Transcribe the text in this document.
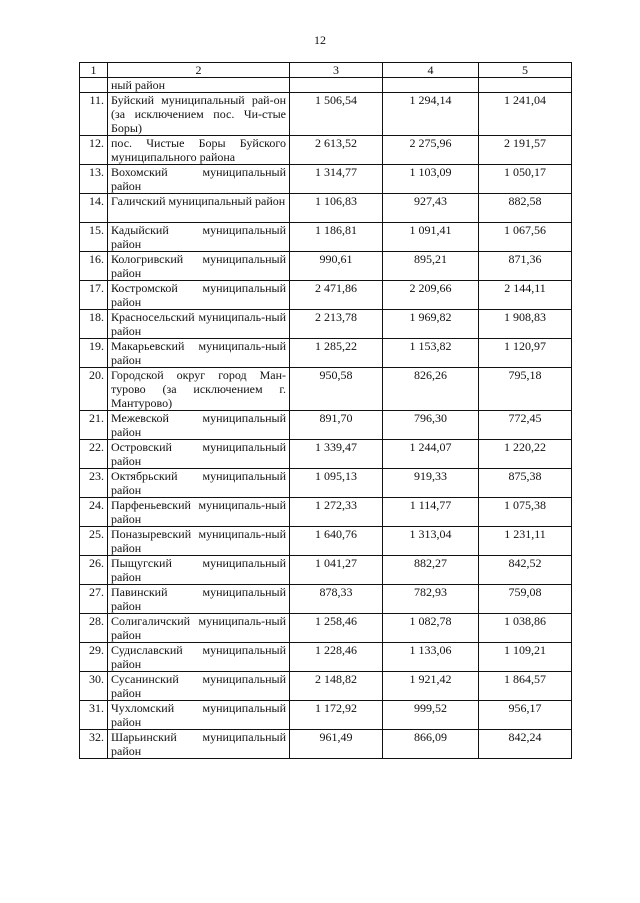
12
1	2	3	4	5
	ный район			
11.	Буйский муниципальный рай-он (за исключением пос. Чи-стые Боры)	1 506,54	1 294,14	1 241,04
12.	пос. Чистые Боры Буйского муниципального района	2 613,52	2 275,96	2 191,57
13.	Вохомский муниципальный район	1 314,77	1 103,09	1 050,17
14.	Галичский муниципальный район	1 106,83	927,43	882,58
15.	Кадыйский муниципальный район	1 186,81	1 091,41	1 067,56
16.	Кологривский муниципальный район	990,61	895,21	871,36
17.	Костромской муниципальный район	2 471,86	2 209,66	2 144,11
18.	Красносельский муниципаль-ный район	2 213,78	1 969,82	1 908,83
19.	Макарьевский муниципаль-ный район	1 285,22	1 153,82	1 120,97
20.	Городской округ город Ман-турово (за исключением г. Мантурово)	950,58	826,26	795,18
21.	Межевской муниципальный район	891,70	796,30	772,45
22.	Островский муниципальный район	1 339,47	1 244,07	1 220,22
23.	Октябрьский муниципальный район	1 095,13	919,33	875,38
24.	Парфеньевский муниципаль-ный район	1 272,33	1 114,77	1 075,38
25.	Поназыревский муниципаль-ный район	1 640,76	1 313,04	1 231,11
26.	Пыщугский муниципальный район	1 041,27	882,27	842,52
27.	Павинский муниципальный район	878,33	782,93	759,08
28.	Солигаличский муниципаль-ный район	1 258,46	1 082,78	1 038,86
29.	Судиславский муниципальный район	1 228,46	1 133,06	1 109,21
30.	Сусанинский муниципальный район	2 148,82	1 921,42	1 864,57
31.	Чухломский муниципальный район	1 172,92	999,52	956,17
32.	Шарьинский муниципальный район	961,49	866,09	842,24
